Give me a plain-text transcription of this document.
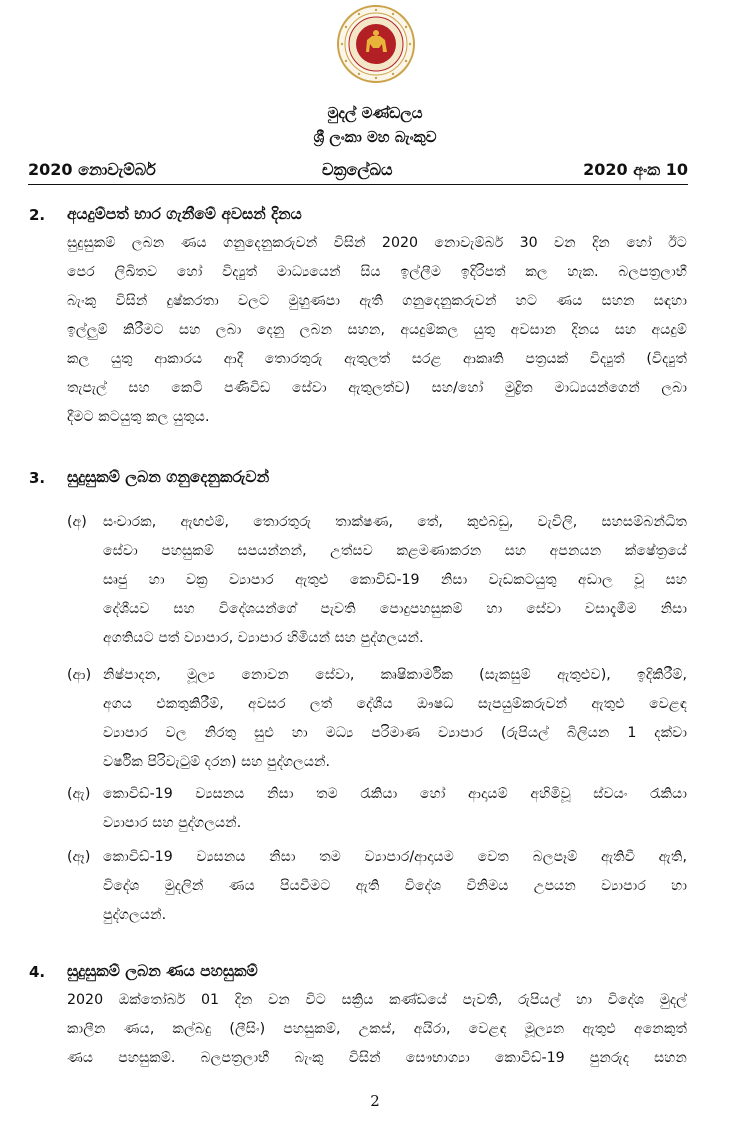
මුදල් මණ්ඩලය
ශ්‍රී ලංකා මහ බැංකුව
2020 නොවැම්බර්	චක්‍රලේඛය	2020 අංක 10
2. අයදුම්පත් භාර ගැනීමේ අවසන් දිනය
සුදුසුකම් ලබන ණය ගනුදෙනුකරුවන් විසින් 2020 නොවැම්බර් 30 වන දින හෝ ඊට
පෙර ලිඛිතව හෝ විද්‍යුත් මාධ්‍යයෙන් සිය ඉල්ලීම ඉදිරිපත් කල හැක. බලපත්‍රලාභී
බැංකු විසින් දුෂ්කරතා වලට මුහුණපා ඇති ගනුදෙනුකරුවන් හට ණය සහන සඳහා
ඉල්ලුම් කිරීමට සහ ලබා දෙනු ලබන සහන, අයදුම්කල යුතු අවසාන දිනය සහ අයදුම්
කල යුතු ආකාරය ආදී තොරතුරු ඇතුලත් සරළ ආකෘති පත්‍රයක් විද්‍යුත් (විද්‍යුත්
තැපැල් සහ කෙටි පණිවිඩ සේවා ඇතුලත්ව) සහ/හෝ මුද්‍රිත මාධ්‍යයන්ගෙන් ලබා
දීමට කටයුතු කල යුතුය.
3. සුදුසුකම් ලබන ගනුදෙනුකරුවන්
(අ)	සංචාරක, ඇඟළුම්, තොරතුරු තාක්ෂණ, තේ, කුළුබඩු, වැවිලි, සහසම්බන්ධිත
සේවා පහසුකම් සපයන්නන්, උත්සව කළමණාකරන සහ අපනයන ක්ෂේත්‍රයේ
සෘජු හා වක්‍ර ව්‍යාපාර ඇතුළු කොවිඩ්-19 නිසා වැඩකටයුතු අඩාල වූ සහ
දේශීයව සහ විදේශයන්ගේ පැවති පොදුපහසුකම් හා සේවා වසාදැමීම නිසා
අගතියට පත් ව්‍යාපාර, ව්‍යාපාර හිමියන් සහ පුද්ගලයන්.
(ආ) නිෂ්පාදන, මූල්‍ය නොවන සේවා, කෘෂිකාර්මික (සැකසුම් ඇතුළුව), ඉදිකිරීම්,
අගය එකතුකිරීම්, අවසර ලත් දේශීය ඖෂධ සැපයුම්කරුවන් ඇතුළු වෙළඳ
ව්‍යාපාර වල නිරතු සුළු හා මධ්‍ය පරිමාණ ව්‍යාපාර (රුපියල් බිලියන 1 දක්වා
වර්ෂික පිරිවැටුම් දරන) සහ පුද්ගලයන්.
(ඇ) කොවිඩ්-19 ව්‍යසනය නිසා තම රැකියා හෝ ආදායම් අහිමිවූ ස්වයං රැකියා
ව්‍යාපාර සහ පුද්ගලයන්.
(ඈ) කොවිඩ්-19 ව්‍යසනය නිසා තම ව්‍යාපාර/ආදායම වෙත බලපෑම් ඇතිවී ඇති,
විදේශ මුදලින් ණය පියවීමට ඇති විදේශ විනිමය උපයන ව්‍යාපාර හා
පුද්ගලයන්.
4. සුදුසුකම් ලබන ණය පහසුකම්
2020 ඔක්තෝබර් 01 දින වන විට සක්‍රිය කණ්ඩයේ පැවති, රුපියල් හා විදේශ මුදල්
කාලීන ණය, කල්බදු (ලීසිං) පහසුකම්, උකස්, අයිරා, වෙළඳ මූල්‍යන ඇතුළු අනෙකුත්
ණය පහසුකම්. බලපත්‍රලාභී බැංකු විසින් සෞභාග්‍යා කොවිඩ්-19 පුනරුද සහන
2
